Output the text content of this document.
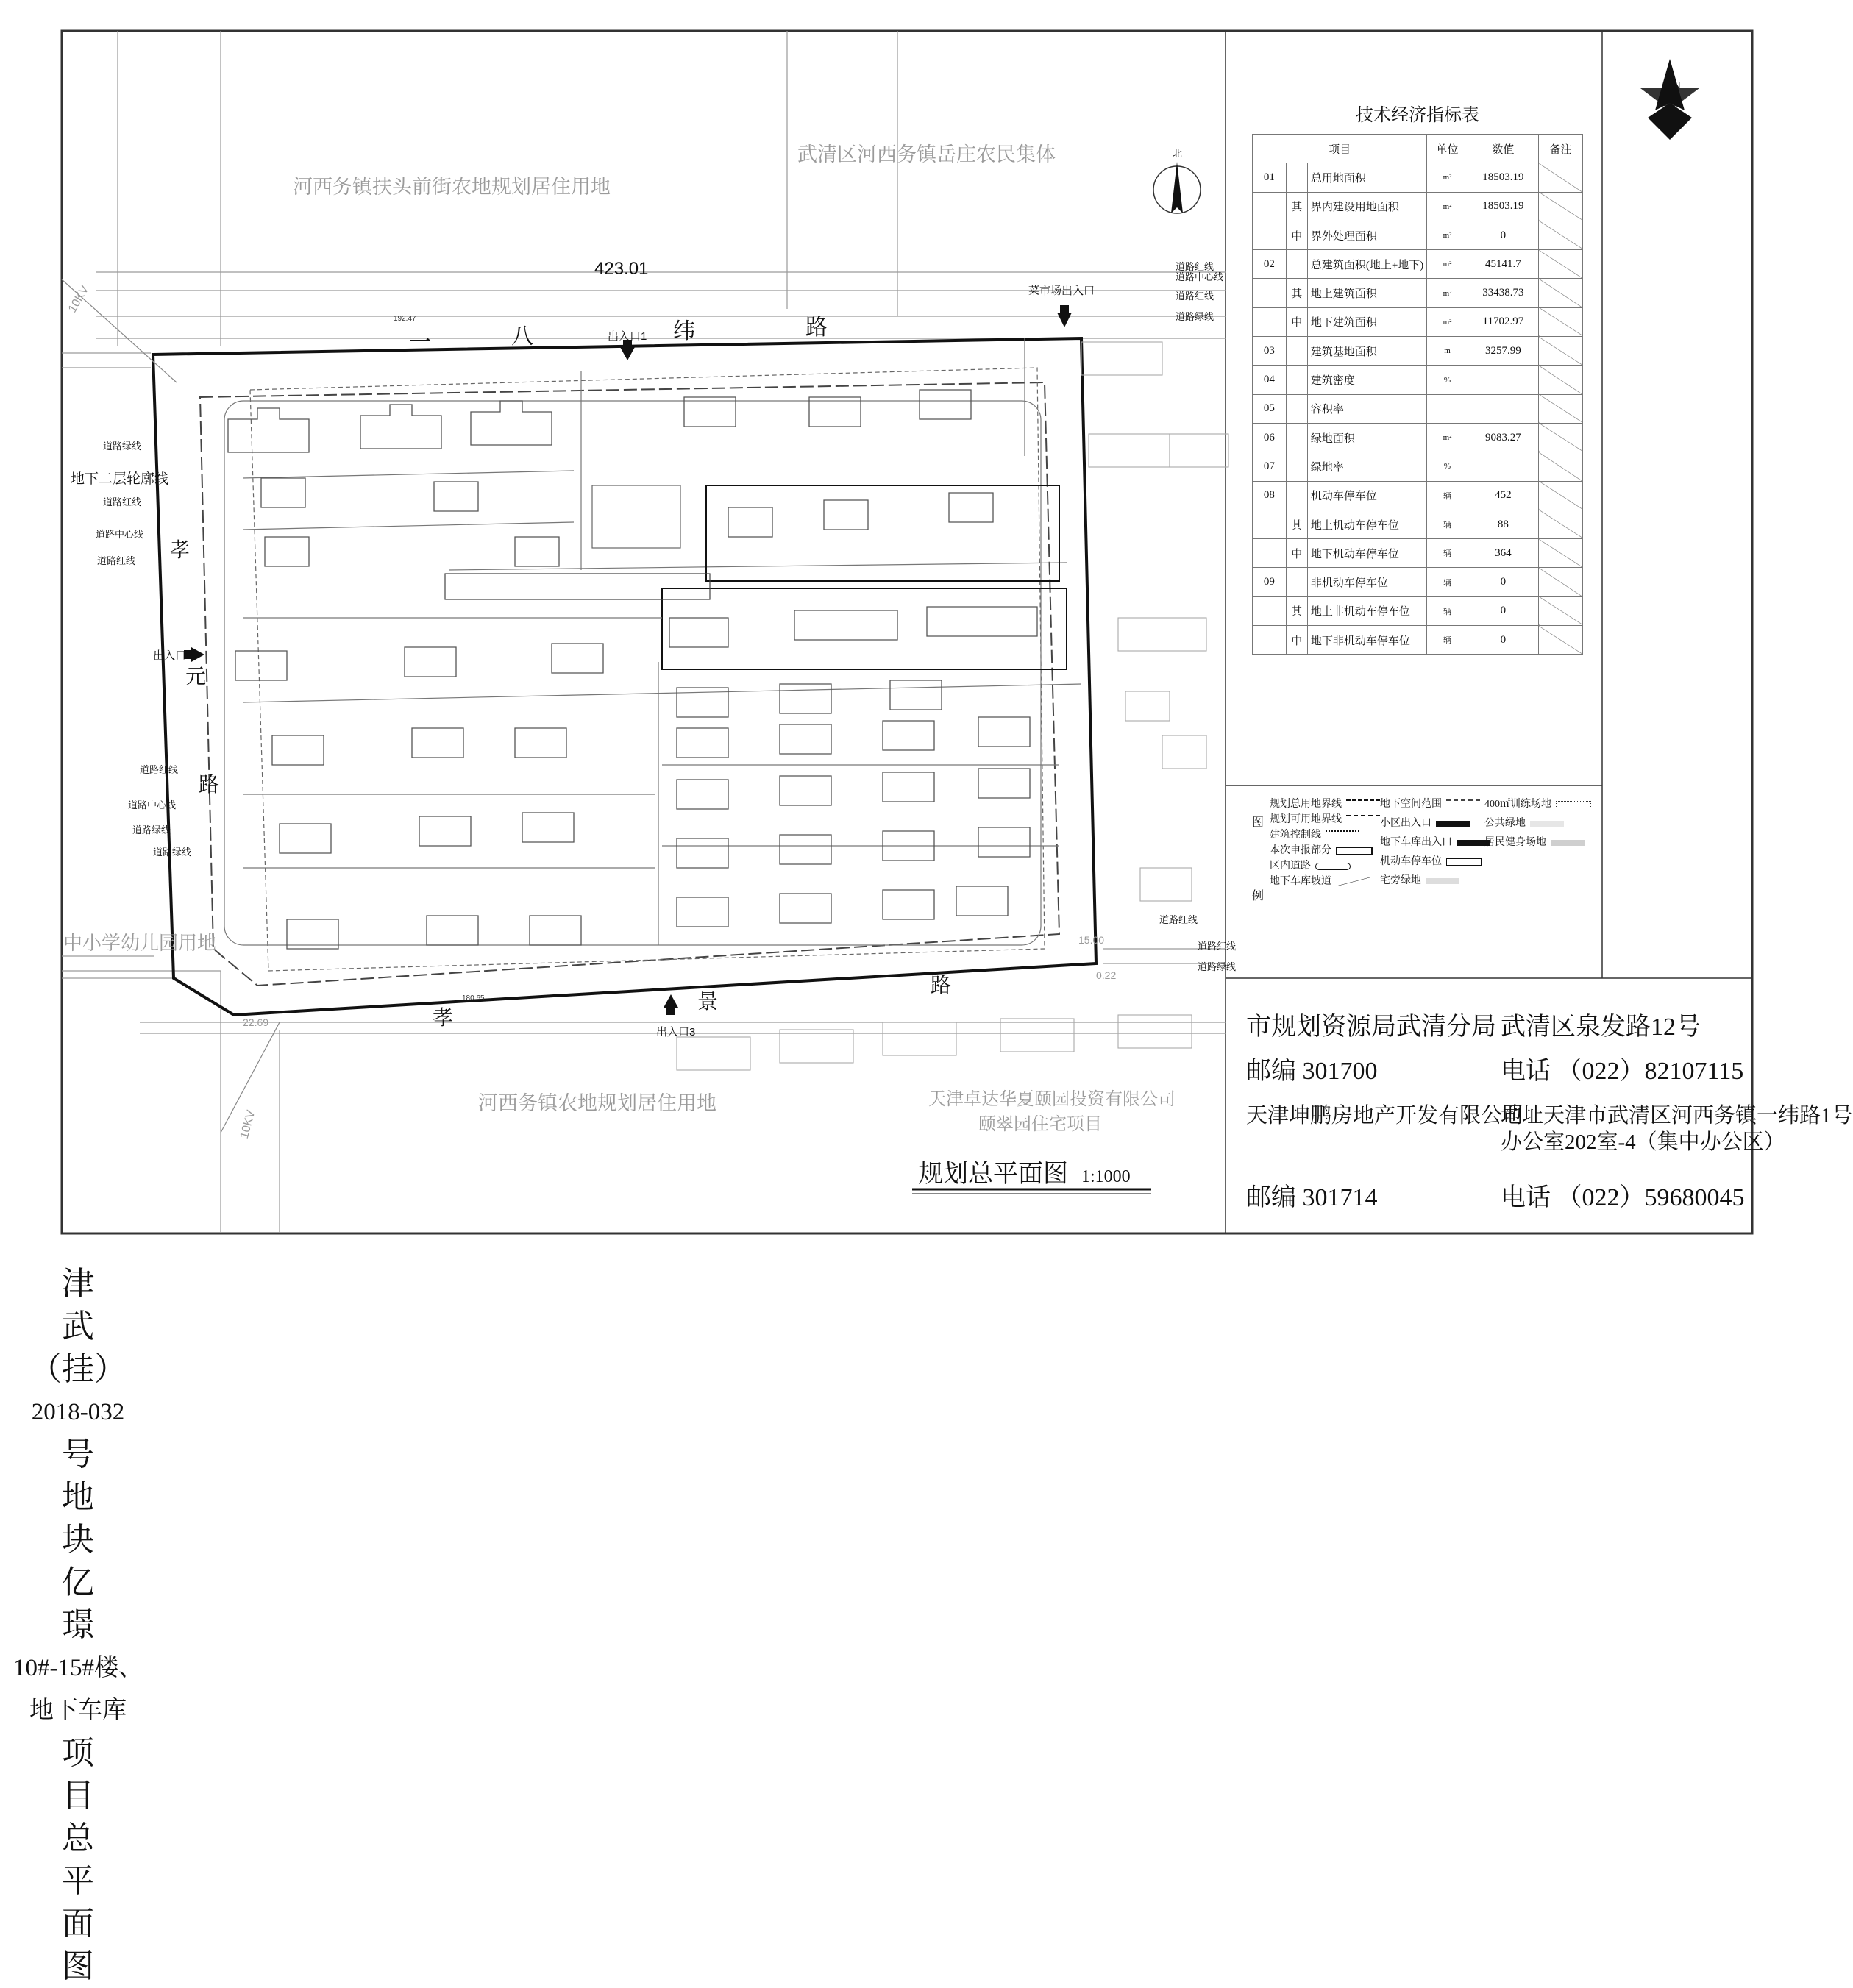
河西务镇扶头前街农地规划居住用地
武清区河西务镇岳庄农民集体
河西务镇农地规划居住用地
中小学幼儿园用地
天津卓达华夏颐园投资有限公司
颐翠园住宅项目
423.01
192.47
180.65
22.69
15.00
0.22
一	八	纬	路
孝
元
路
孝
景
路
出入口1
出入口2
出入口3
菜市场出入口
地下二层轮廓线
10KV
10KV
道路红线
道路中心线
道路红线
道路绿线
道路绿线
道路红线
道路中心线
道路红线
道路红线
道路中心线
道路绿线
道路绿线
道路红线
道路红线
道路绿线
N
北
规划总平面图 1:1000
技术经济指标表
项目			单位	数值	备注
01		总用地面积	m²	18503.19	
	其	界内建设用地面积	m²	18503.19	
	中	界外处理面积	m²	0	
02		总建筑面积(地上+地下)	m²	45141.7	
	其	地上建筑面积	m²	33438.73	
	中	地下建筑面积	m²	11702.97	
03		建筑基地面积	m	3257.99	
04		建筑密度	%		
05		容积率			
06		绿地面积	m²	9083.27	
07		绿地率	%		
08		机动车停车位	辆	452	
	其	地上机动车停车位	辆	88	
	中	地下机动车停车位	辆	364	
09		非机动车停车位	辆	0	
	其	地上非机动车停车位	辆	0	
	中	地下非机动车停车位	辆	0	
图
例
规划总用地界线
规划可用地界线
建筑控制线
本次申报部分
区内道路
地下车库坡道
地下空间范围
小区出入口
地下车库出入口
机动车停车位
宅旁绿地
400㎡训练场地
公共绿地
居民健身场地
津
武
（挂）
2018-032
号
地
块
亿
璟
10#-15#楼、
地下车库
项
目
总
平
面
图
市规划资源局武清分局 武清区泉发路12号
邮编 301700	电话 （022）82107115
天津坤鹏房地产开发有限公司
地址天津市武清区河西务镇一纬路1号
办公室202室-4（集中办公区）
邮编 301714	电话 （022）59680045
